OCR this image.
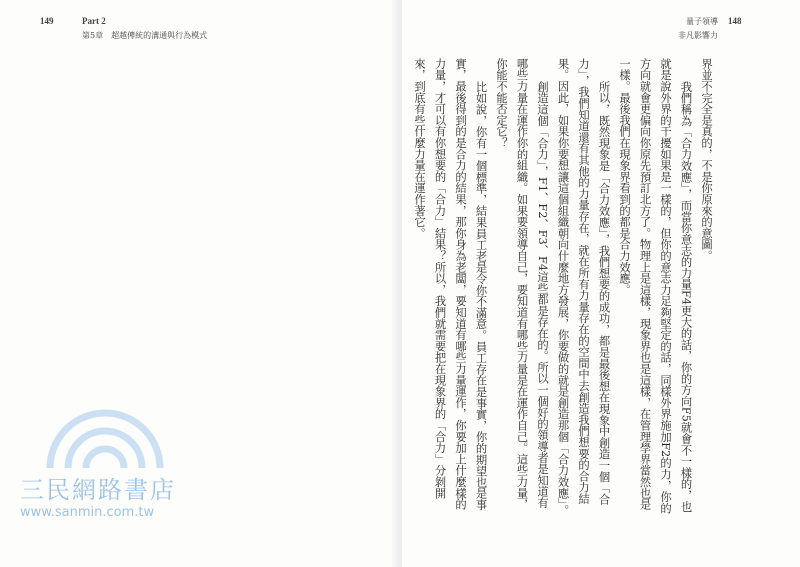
149	Part 2
第5章　超越傳統的溝通與行為模式
量子領導 148
非凡影響力
界並不完全是真的，不是你原來的意圖。
我們稱為「合力效應」，而當你意志的力量F4更大的話，你的方向F5就會不一樣的，也
就是說外界的干擾如果是一樣的，但你的意志力足夠堅定的話，同樣外界施加F2的力，你的
方向就會更偏向你原先預訂北方了。物理上是這樣，現象界也是這樣，在管理學界當然也是
一樣。最後我們在現象界看到的都是合力效應。
所以，既然現象是「合力效應」，我們想要的成功，都是最後想在現象中創造一個「合
力」，我們知道還有其他的力量存在，就在所有力量存在的空間中去創造我們想要的合力結
果。因此，如果你要想讓這個組織朝向什麼地方發展，你要做的就是創造那個「合力效應」。
創造這個「合力」，F1、F2、F3、F4這些都是存在的。所以一個好的領導者是知道有
哪些力量在運作你的組織。如果要領導自己，要知道有哪些力量是在運作自己。這些力量，
你能不能否定它？
比如說，你有一個標準，結果員工老是令你不滿意。員工存在是事實，你的期望也是事
實，最後得到的是合力的結果，那你身為老闆，要知道有哪些力量運作，你要加上什麼樣的
力量，才可以有你想要的「合力」結果？所以，我們就需要把在現象界的「合力」分剝開
來，到底有些什麼力量在運作著它。
三民網路書店
www.sanmin.com.tw
